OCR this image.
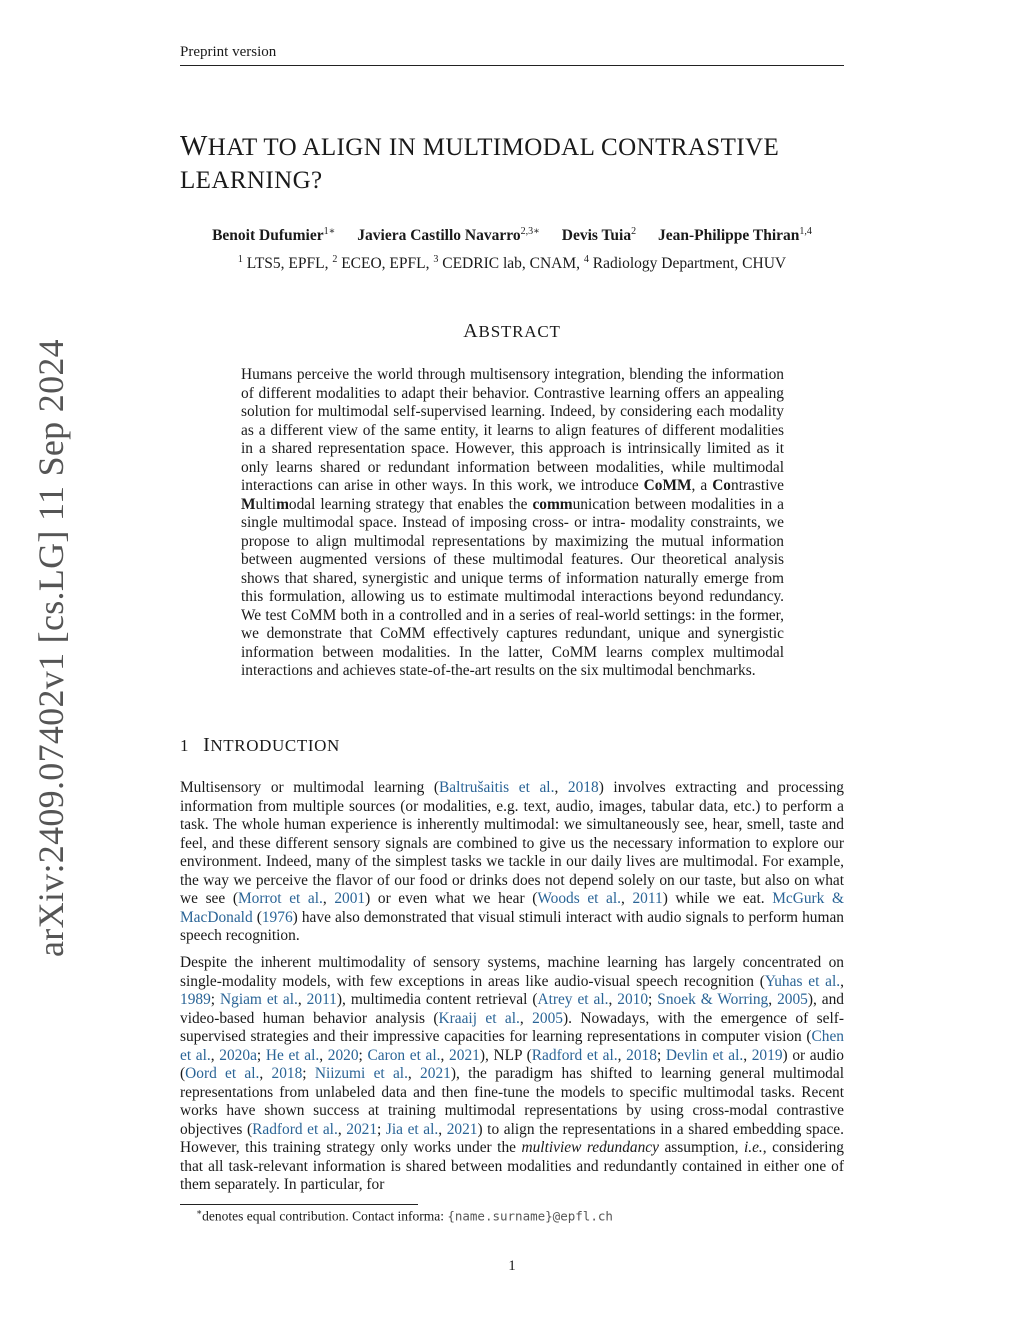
Preprint version
arXiv:2409.07402v1 [cs.LG] 11 Sep 2024
WHAT TO ALIGN IN MULTIMODAL CONTRASTIVE
LEARNING?
Benoit Dufumier$^{1∗}$ Javiera Castillo Navarro$^{2,3∗}$ Devis Tuia$^2$ Jean-Philippe Thiran$^{1,4}$
$^1$ LTS5, EPFL, $^2$ ECEO, EPFL, $^3$ CEDRIC lab, CNAM, $^4$ Radiology Department, CHUV
ABSTRACT
Humans perceive the world through multisensory integration, blending the information of different modalities to adapt their behavior. Contrastive learning offers an appealing solution for multimodal self-supervised learning. Indeed, by considering each modality as a different view of the same entity, it learns to align features of different modalities in a shared representation space. However, this approach is intrinsically limited as it only learns shared or redundant information between modalities, while multimodal interactions can arise in other ways. In this work, we introduce CoMM, a Contrastive Multimodal learning strategy that enables the communication between modalities in a single multimodal space. Instead of imposing cross- or intra- modality constraints, we propose to align multimodal representations by maximizing the mutual information between augmented versions of these multimodal features. Our theoretical analysis shows that shared, synergistic and unique terms of information naturally emerge from this formulation, allowing us to estimate multimodal interactions beyond redundancy. We test CoMM both in a controlled and in a series of real-world settings: in the former, we demonstrate that CoMM effectively captures redundant, unique and synergistic information between modalities. In the latter, CoMM learns complex multimodal interactions and achieves state-of-the-art results on the six multimodal benchmarks.
1 INTRODUCTION
Multisensory or multimodal learning (Baltrušaitis et al., 2018) involves extracting and processing information from multiple sources (or modalities, e.g. text, audio, images, tabular data, etc.) to perform a task. The whole human experience is inherently multimodal: we simultaneously see, hear, smell, taste and feel, and these different sensory signals are combined to give us the necessary information to explore our environment. Indeed, many of the simplest tasks we tackle in our daily lives are multimodal. For example, the way we perceive the flavor of our food or drinks does not depend solely on our taste, but also on what we see (Morrot et al., 2001) or even what we hear (Woods et al., 2011) while we eat. McGurk & MacDonald (1976) have also demonstrated that visual stimuli interact with audio signals to perform human speech recognition.
Despite the inherent multimodality of sensory systems, machine learning has largely concentrated on single-modality models, with few exceptions in areas like audio-visual speech recognition (Yuhas et al., 1989; Ngiam et al., 2011), multimedia content retrieval (Atrey et al., 2010; Snoek & Worring, 2005), and video-based human behavior analysis (Kraaij et al., 2005). Nowadays, with the emergence of self-supervised strategies and their impressive capacities for learning representations in computer vision (Chen et al., 2020a; He et al., 2020; Caron et al., 2021), NLP (Radford et al., 2018; Devlin et al., 2019) or audio (Oord et al., 2018; Niizumi et al., 2021), the paradigm has shifted to learning general multimodal representations from unlabeled data and then fine-tune the models to specific multimodal tasks. Recent works have shown success at training multimodal representations by using cross-modal contrastive objectives (Radford et al., 2021; Jia et al., 2021) to align the representations in a shared embedding space. However, this training strategy only works under the multiview redundancy assumption, i.e., considering that all task-relevant information is shared between modalities and redundantly contained in either one of them separately. In particular, for
∗denotes equal contribution. Contact informa: {name.surname}@epfl.ch
1
